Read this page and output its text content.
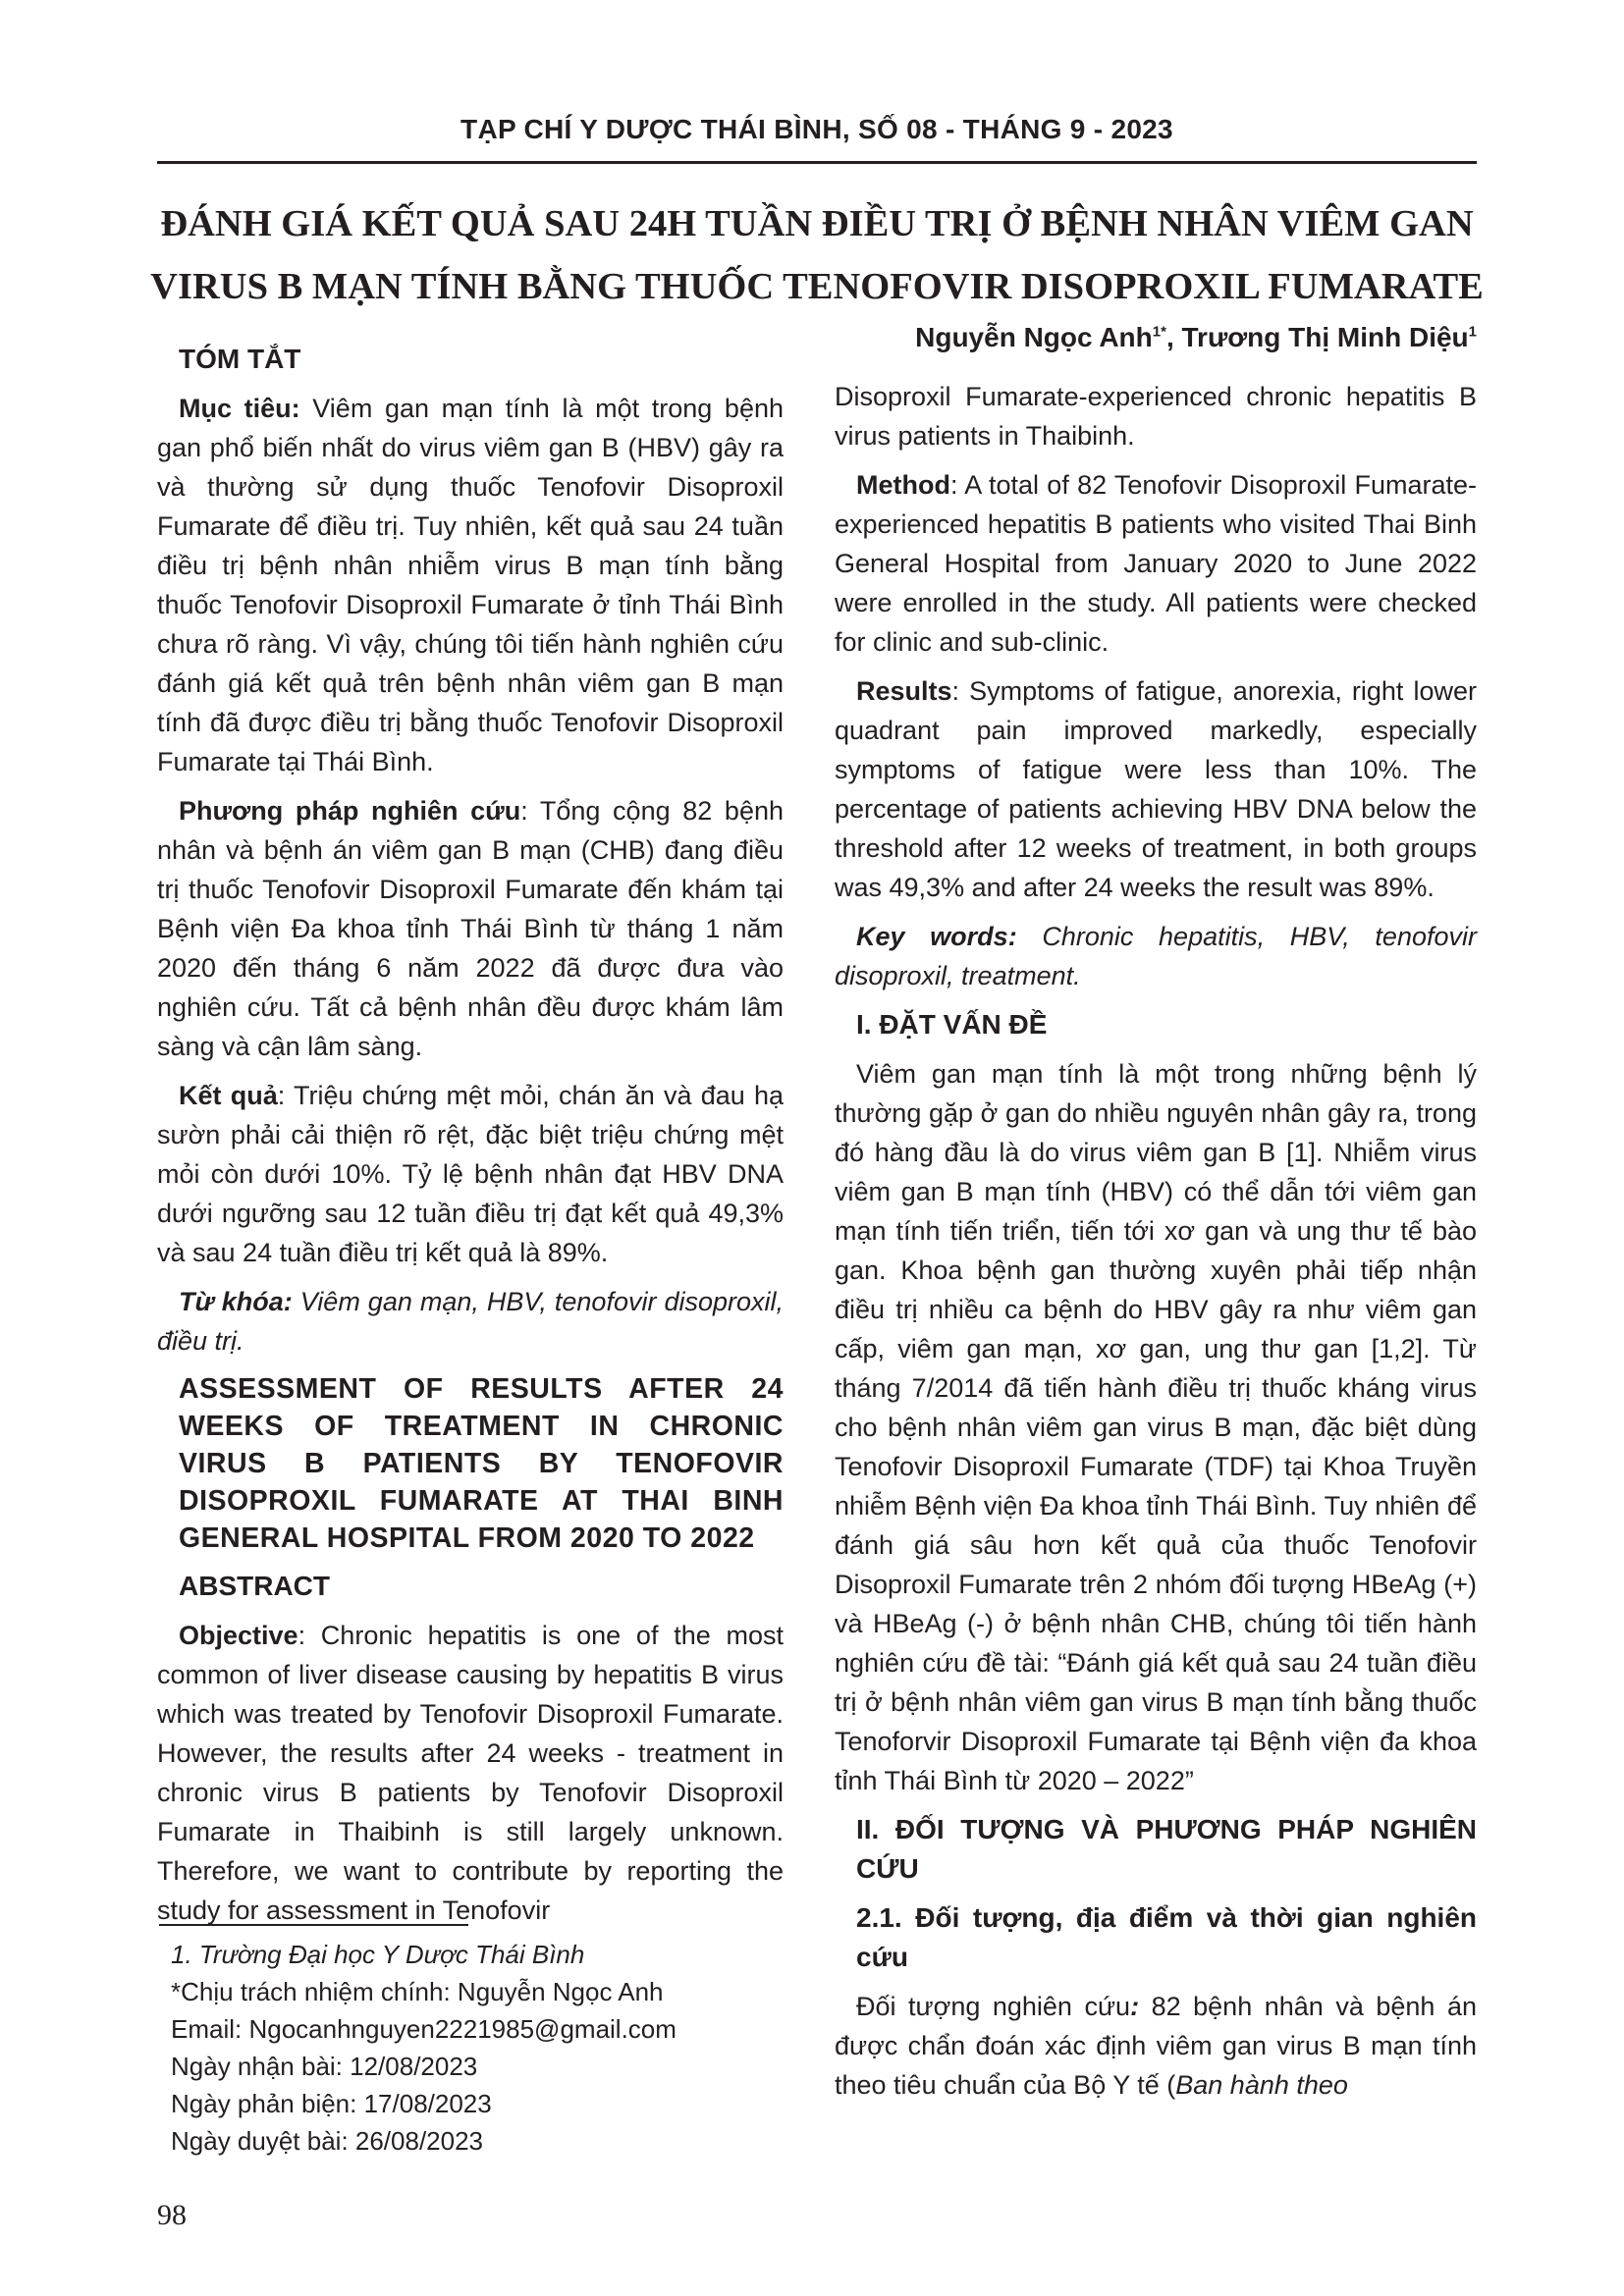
TẠP CHÍ Y DƯỢC THÁI BÌNH, SỐ 08 - THÁNG 9 - 2023
ĐÁNH GIÁ KẾT QUẢ SAU 24H TUẦN ĐIỀU TRỊ Ở BỆNH NHÂN VIÊM GAN
VIRUS B MẠN TÍNH BẰNG THUỐC TENOFOVIR DISOPROXIL FUMARATE
Nguyễn Ngọc Anh$^{1*}$, Trương Thị Minh Diệu$^1$
TÓM TẮT

Mục tiêu: Viêm gan mạn tính là một trong bệnh gan phổ biến nhất do virus viêm gan B (HBV) gây ra và thường sử dụng thuốc Tenofovir Disoproxil Fumarate để điều trị. Tuy nhiên, kết quả sau 24 tuần điều trị bệnh nhân nhiễm virus B mạn tính bằng thuốc Tenofovir Disoproxil Fumarate ở tỉnh Thái Bình chưa rõ ràng. Vì vậy, chúng tôi tiến hành nghiên cứu đánh giá kết quả trên bệnh nhân viêm gan B mạn tính đã được điều trị bằng thuốc Tenofovir Disoproxil Fumarate tại Thái Bình.

Phương pháp nghiên cứu: Tổng cộng 82 bệnh nhân và bệnh án viêm gan B mạn (CHB) đang điều trị thuốc Tenofovir Disoproxil Fumarate đến khám tại Bệnh viện Đa khoa tỉnh Thái Bình từ tháng 1 năm 2020 đến tháng 6 năm 2022 đã được đưa vào nghiên cứu. Tất cả bệnh nhân đều được khám lâm sàng và cận lâm sàng.

Kết quả: Triệu chứng mệt mỏi, chán ăn và đau hạ sườn phải cải thiện rõ rệt, đặc biệt triệu chứng mệt mỏi còn dưới 10%. Tỷ lệ bệnh nhân đạt HBV DNA dưới ngưỡng sau 12 tuần điều trị đạt kết quả 49,3% và sau 24 tuần điều trị kết quả là 89%.

Từ khóa: Viêm gan mạn, HBV, tenofovir disoproxil, điều trị.

ASSESSMENT OF RESULTS AFTER 24 WEEKS OF TREATMENT IN CHRONIC VIRUS B PATIENTS BY TENOFOVIR DISOPROXIL FUMARATE AT THAI BINH GENERAL HOSPITAL FROM 2020 TO 2022
ABSTRACT

Objective: Chronic hepatitis is one of the most common of liver disease causing by hepatitis B virus which was treated by Tenofovir Disoproxil Fumarate. However, the results after 24 weeks - treatment in chronic virus B patients by Tenofovir Disoproxil Fumarate in Thaibinh is still largely unknown. Therefore, we want to contribute by reporting the study for assessment in Tenofovir

Disoproxil Fumarate-experienced chronic hepatitis B virus patients in Thaibinh.

Method: A total of 82 Tenofovir Disoproxil Fumarate-experienced hepatitis B patients who visited Thai Binh General Hospital from January 2020 to June 2022 were enrolled in the study. All patients were checked for clinic and sub-clinic.

Results: Symptoms of fatigue, anorexia, right lower quadrant pain improved markedly, especially symptoms of fatigue were less than 10%. The percentage of patients achieving HBV DNA below the threshold after 12 weeks of treatment, in both groups was 49,3% and after 24 weeks the result was 89%.

Key words: Chronic hepatitis, HBV, tenofovir disoproxil, treatment.

I. ĐẶT VẤN ĐỀ

Viêm gan mạn tính là một trong những bệnh lý thường gặp ở gan do nhiều nguyên nhân gây ra, trong đó hàng đầu là do virus viêm gan B [1]. Nhiễm virus viêm gan B mạn tính (HBV) có thể dẫn tới viêm gan mạn tính tiến triển, tiến tới xơ gan và ung thư tế bào gan. Khoa bệnh gan thường xuyên phải tiếp nhận điều trị nhiều ca bệnh do HBV gây ra như viêm gan cấp, viêm gan mạn, xơ gan, ung thư gan [1,2]. Từ tháng 7/2014 đã tiến hành điều trị thuốc kháng virus cho bệnh nhân viêm gan virus B mạn, đặc biệt dùng Tenofovir Disoproxil Fumarate (TDF) tại Khoa Truyền nhiễm Bệnh viện Đa khoa tỉnh Thái Bình. Tuy nhiên để đánh giá sâu hơn kết quả của thuốc Tenofovir Disoproxil Fumarate trên 2 nhóm đối tượng HBeAg (+) và HBeAg (-) ở bệnh nhân CHB, chúng tôi tiến hành nghiên cứu đề tài: “Đánh giá kết quả sau 24 tuần điều trị ở bệnh nhân viêm gan virus B mạn tính bằng thuốc Tenoforvir Disoproxil Fumarate tại Bệnh viện đa khoa tỉnh Thái Bình từ 2020 – 2022”

II. ĐỐI TƯỢNG VÀ PHƯƠNG PHÁP NGHIÊN CỨU
2.1. Đối tượng, địa điểm và thời gian nghiên cứu

Đối tượng nghiên cứu: 82 bệnh nhân và bệnh án được chẩn đoán xác định viêm gan virus B mạn tính theo tiêu chuẩn của Bộ Y tế (Ban hành theo

1. Trường Đại học Y Dược Thái Bình
*Chịu trách nhiệm chính: Nguyễn Ngọc Anh
Email: Ngocanhnguyen2221985@gmail.com
Ngày nhận bài: 12/08/2023
Ngày phản biện: 17/08/2023
Ngày duyệt bài: 26/08/2023
98
